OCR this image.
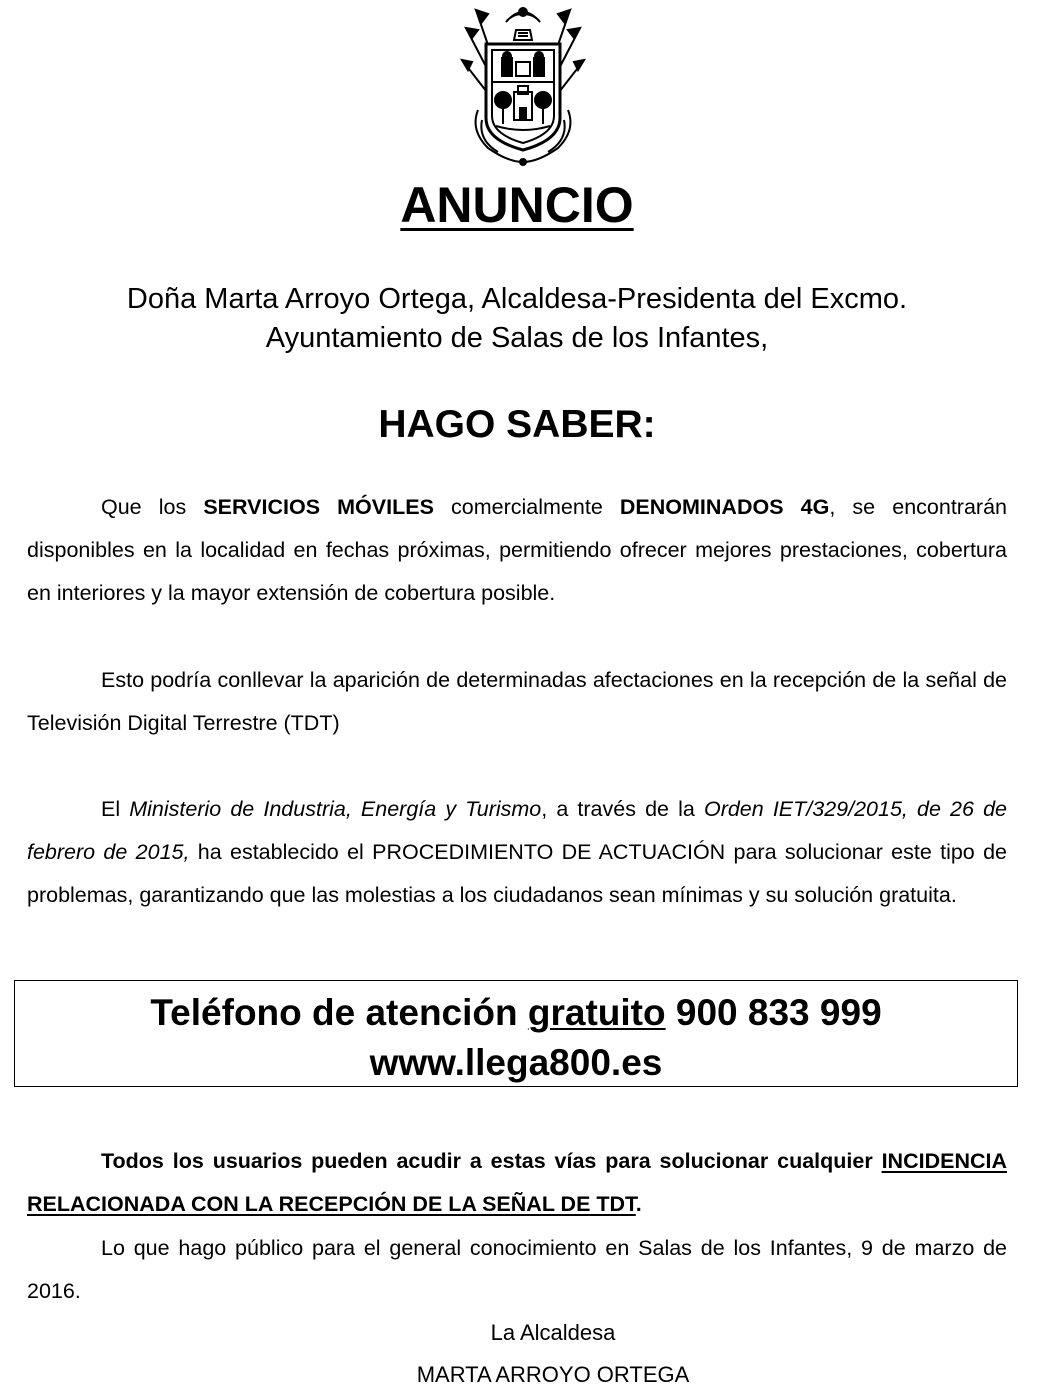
ANUNCIO
Doña Marta Arroyo Ortega, Alcaldesa-Presidenta del Excmo.
Ayuntamiento de Salas de los Infantes,
HAGO SABER:

Que los SERVICIOS MÓVILES comercialmente DENOMINADOS 4G, se encontrarán disponibles en la localidad en fechas próximas, permitiendo ofrecer mejores prestaciones, cobertura en interiores y la mayor extensión de cobertura posible.

Esto podría conllevar la aparición de determinadas afectaciones en la recepción de la señal de Televisión Digital Terrestre (TDT)

El Ministerio de Industria, Energía y Turismo, a través de la Orden IET/329/2015, de 26 de febrero de 2015, ha establecido el PROCEDIMIENTO DE ACTUACIÓN para solucionar este tipo de problemas, garantizando que las molestias a los ciudadanos sean mínimas y su solución gratuita.

Teléfono de atención gratuito 900 833 999
www.llega800.es

Todos los usuarios pueden acudir a estas vías para solucionar cualquier INCIDENCIA RELACIONADA CON LA RECEPCIÓN DE LA SEÑAL DE TDT.

Lo que hago público para el general conocimiento en Salas de los Infantes, 9 de marzo de 2016.

La Alcaldesa
MARTA ARROYO ORTEGA
